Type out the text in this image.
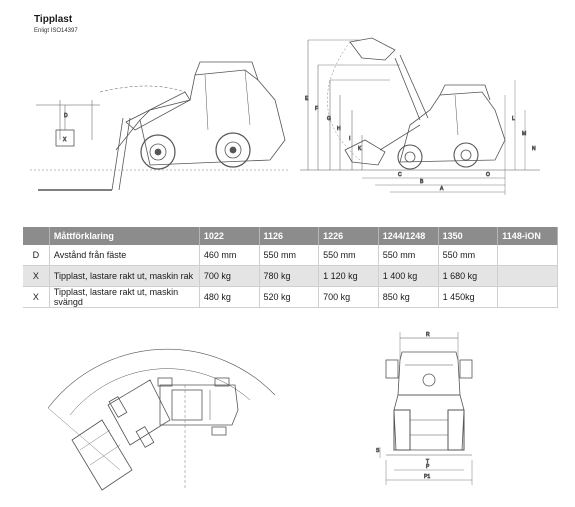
Tipplast
Enligt ISO14397
D
X
E
F
G
H
I
K
L
M
N
C
B
A
O
R
P
P1
S
T
	Måttförklaring	1022	1126	1226	1244/1248	1350	1148-iON
D	Avstånd från fäste	460 mm	550 mm	550 mm	550 mm	550 mm	
X	Tipplast, lastare rakt ut, maskin rak	700 kg	780 kg	1 120 kg	1 400 kg	1 680 kg	
X	Tipplast, lastare rakt ut, maskin svängd	480 kg	520 kg	700 kg	850 kg	1 450kg	
